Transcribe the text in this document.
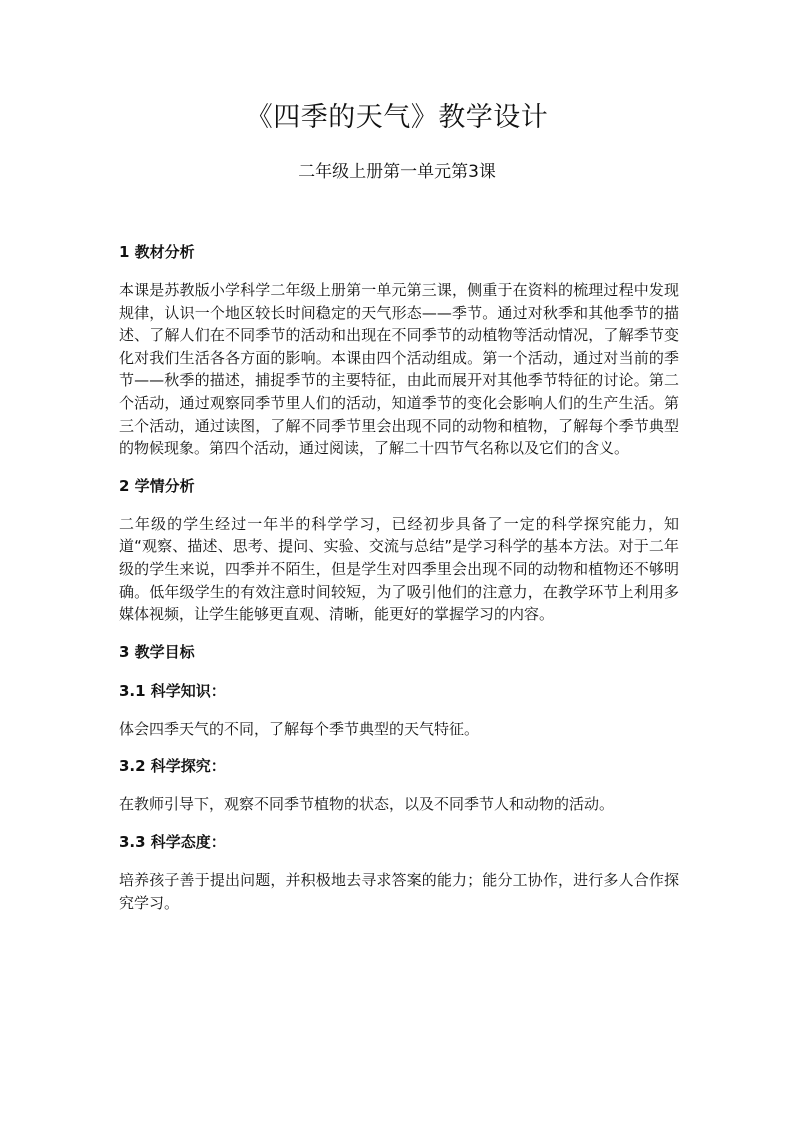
《四季的天气》教学设计
二年级上册第一单元第3课
1 教材分析

本课是苏教版小学科学二年级上册第一单元第三课，侧重于在资料的梳理过程中发现规律，认识一个地区较长时间稳定的天气形态——季节。通过对秋季和其他季节的描述、了解人们在不同季节的活动和出现在不同季节的动植物等活动情况，了解季节变化对我们生活各各方面的影响。本课由四个活动组成。第一个活动，通过对当前的季节——秋季的描述，捕捉季节的主要特征，由此而展开对其他季节特征的讨论。第二个活动，通过观察同季节里人们的活动，知道季节的变化会影响人们的生产生活。第三个活动，通过读图，了解不同季节里会出现不同的动物和植物，了解每个季节典型的物候现象。第四个活动，通过阅读，了解二十四节气名称以及它们的含义。

2 学情分析

二年级的学生经过一年半的科学学习，已经初步具备了一定的科学探究能力，知道“观察、描述、思考、提问、实验、交流与总结”是学习科学的基本方法。对于二年级的学生来说，四季并不陌生，但是学生对四季里会出现不同的动物和植物还不够明确。低年级学生的有效注意时间较短，为了吸引他们的注意力，在教学环节上利用多媒体视频，让学生能够更直观、清晰，能更好的掌握学习的内容。

3 教学目标
3.1 科学知识：

体会四季天气的不同，了解每个季节典型的天气特征。

3.2 科学探究：

在教师引导下，观察不同季节植物的状态，以及不同季节人和动物的活动。

3.3 科学态度：

培养孩子善于提出问题，并积极地去寻求答案的能力；能分工协作，进行多人合作探究学习。
